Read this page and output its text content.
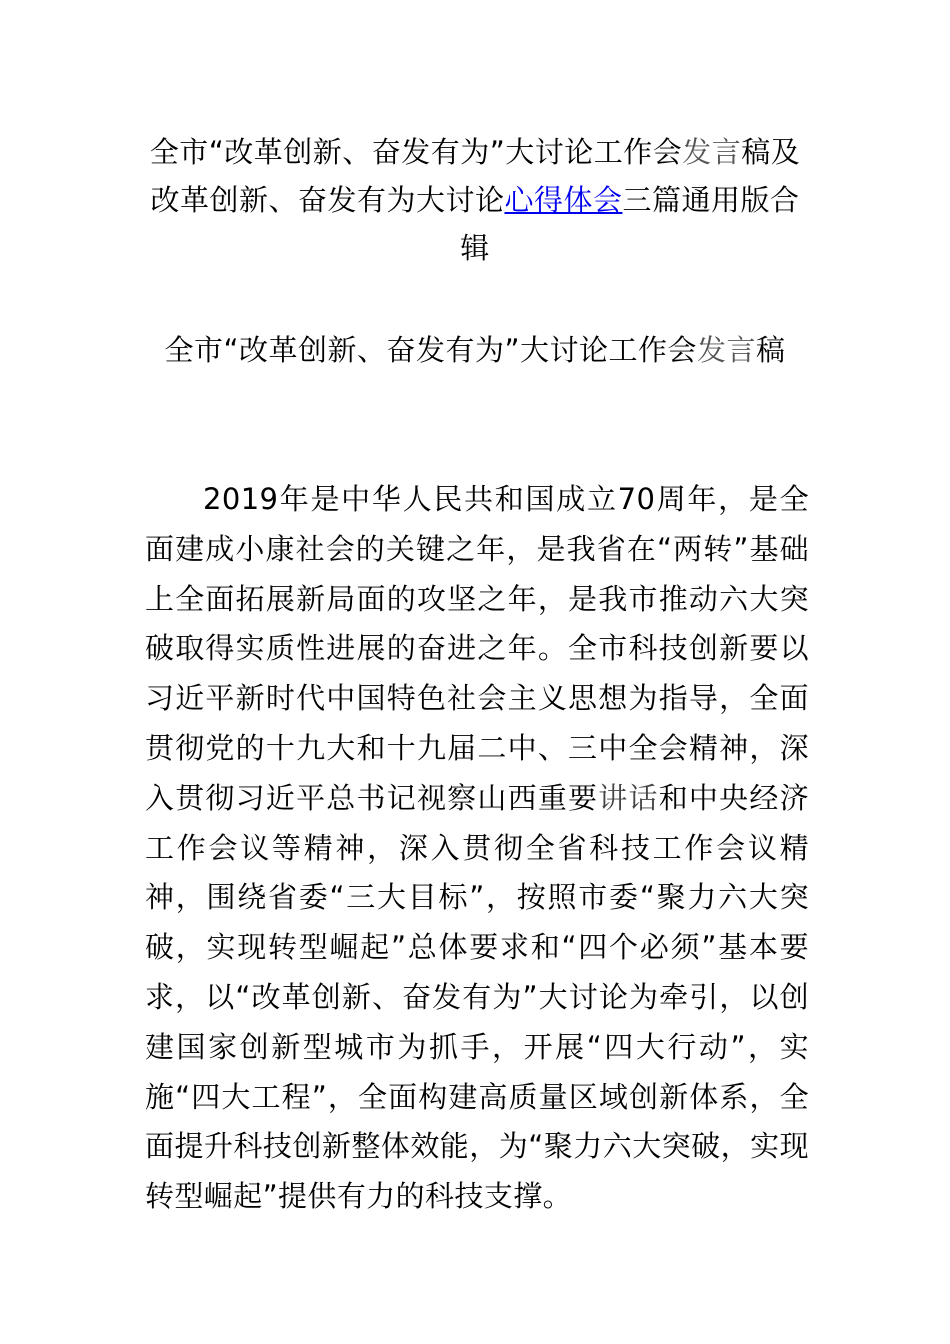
全市“改革创新、奋发有为”大讨论工作会发言稿及改革创新、奋发有为大讨论心得体会三篇通用版合辑
全市“改革创新、奋发有为”大讨论工作会发言稿

2019年是中华人民共和国成立70周年，是全面建成小康社会的关键之年，是我省在“两转”基础上全面拓展新局面的攻坚之年，是我市推动六大突破取得实质性进展的奋进之年。全市科技创新要以习近平新时代中国特色社会主义思想为指导，全面贯彻党的十九大和十九届二中、三中全会精神，深入贯彻习近平总书记视察山西重要讲话和中央经济工作会议等精神，深入贯彻全省科技工作会议精神，围绕省委“三大目标”，按照市委“聚力六大突破，实现转型崛起”总体要求和“四个必须”基本要求，以“改革创新、奋发有为”大讨论为牵引，以创建国家创新型城市为抓手，开展“四大行动”，实施“四大工程”，全面构建高质量区域创新体系，全面提升科技创新整体效能，为“聚力六大突破，实现转型崛起”提供有力的科技支撑。
